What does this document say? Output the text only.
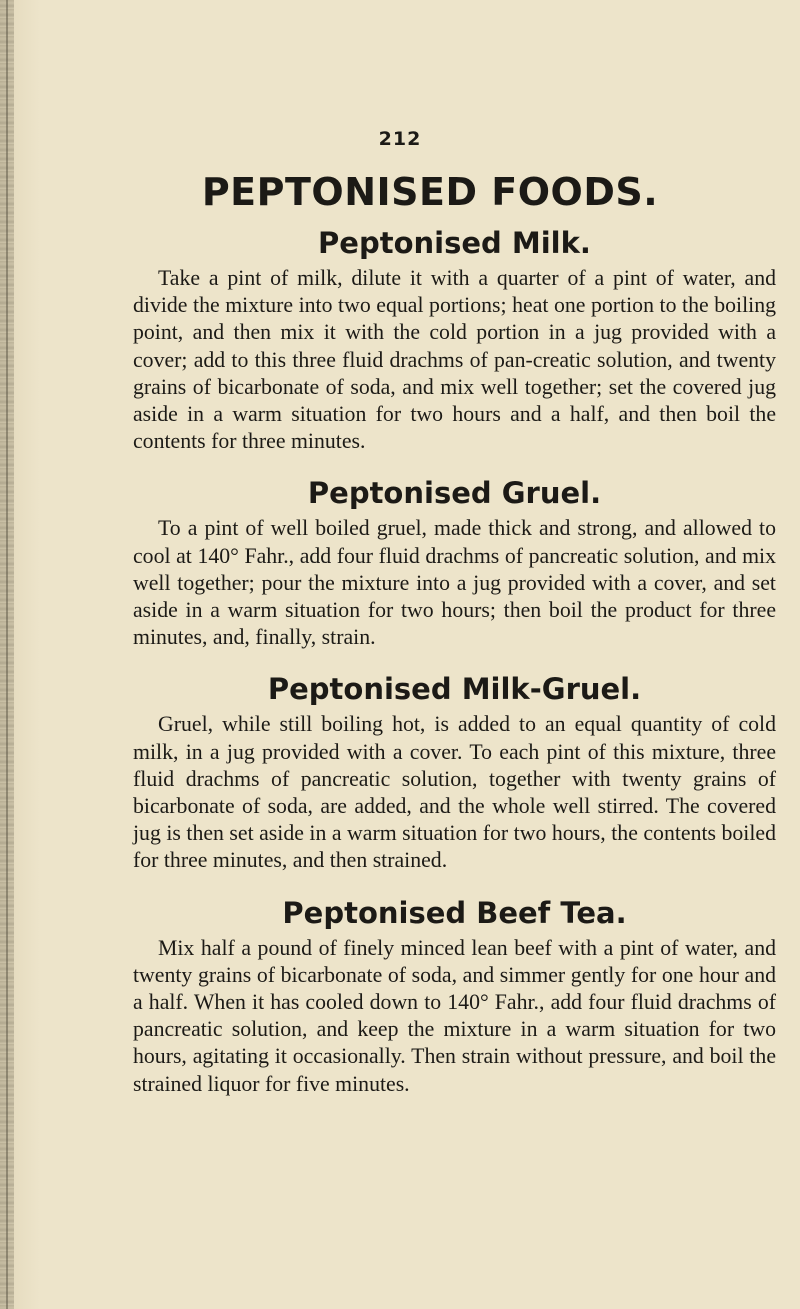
212
PEPTONISED FOODS.
Peptonised Milk.

Take a pint of milk, dilute it with a quarter of a pint of water, and divide the mixture into two equal portions; heat one portion to the boiling point, and then mix it with the cold portion in a jug provided with a cover; add to this three fluid drachms of pan-creatic solution, and twenty grains of bicarbonate of soda, and mix well together; set the covered jug aside in a warm situation for two hours and a half, and then boil the contents for three minutes.

Peptonised Gruel.

To a pint of well boiled gruel, made thick and strong, and allowed to cool at 140° Fahr., add four fluid drachms of pancreatic solution, and mix well together; pour the mixture into a jug provided with a cover, and set aside in a warm situation for two hours; then boil the product for three minutes, and, finally, strain.

Peptonised Milk-Gruel.

Gruel, while still boiling hot, is added to an equal quantity of cold milk, in a jug provided with a cover. To each pint of this mixture, three fluid drachms of pancreatic solution, together with twenty grains of bicarbonate of soda, are added, and the whole well stirred. The covered jug is then set aside in a warm situation for two hours, the contents boiled for three minutes, and then strained.

Peptonised Beef Tea.

Mix half a pound of finely minced lean beef with a pint of water, and twenty grains of bicarbonate of soda, and simmer gently for one hour and a half. When it has cooled down to 140° Fahr., add four fluid drachms of pancreatic solution, and keep the mixture in a warm situation for two hours, agitating it occasionally. Then strain without pressure, and boil the strained liquor for five minutes.
